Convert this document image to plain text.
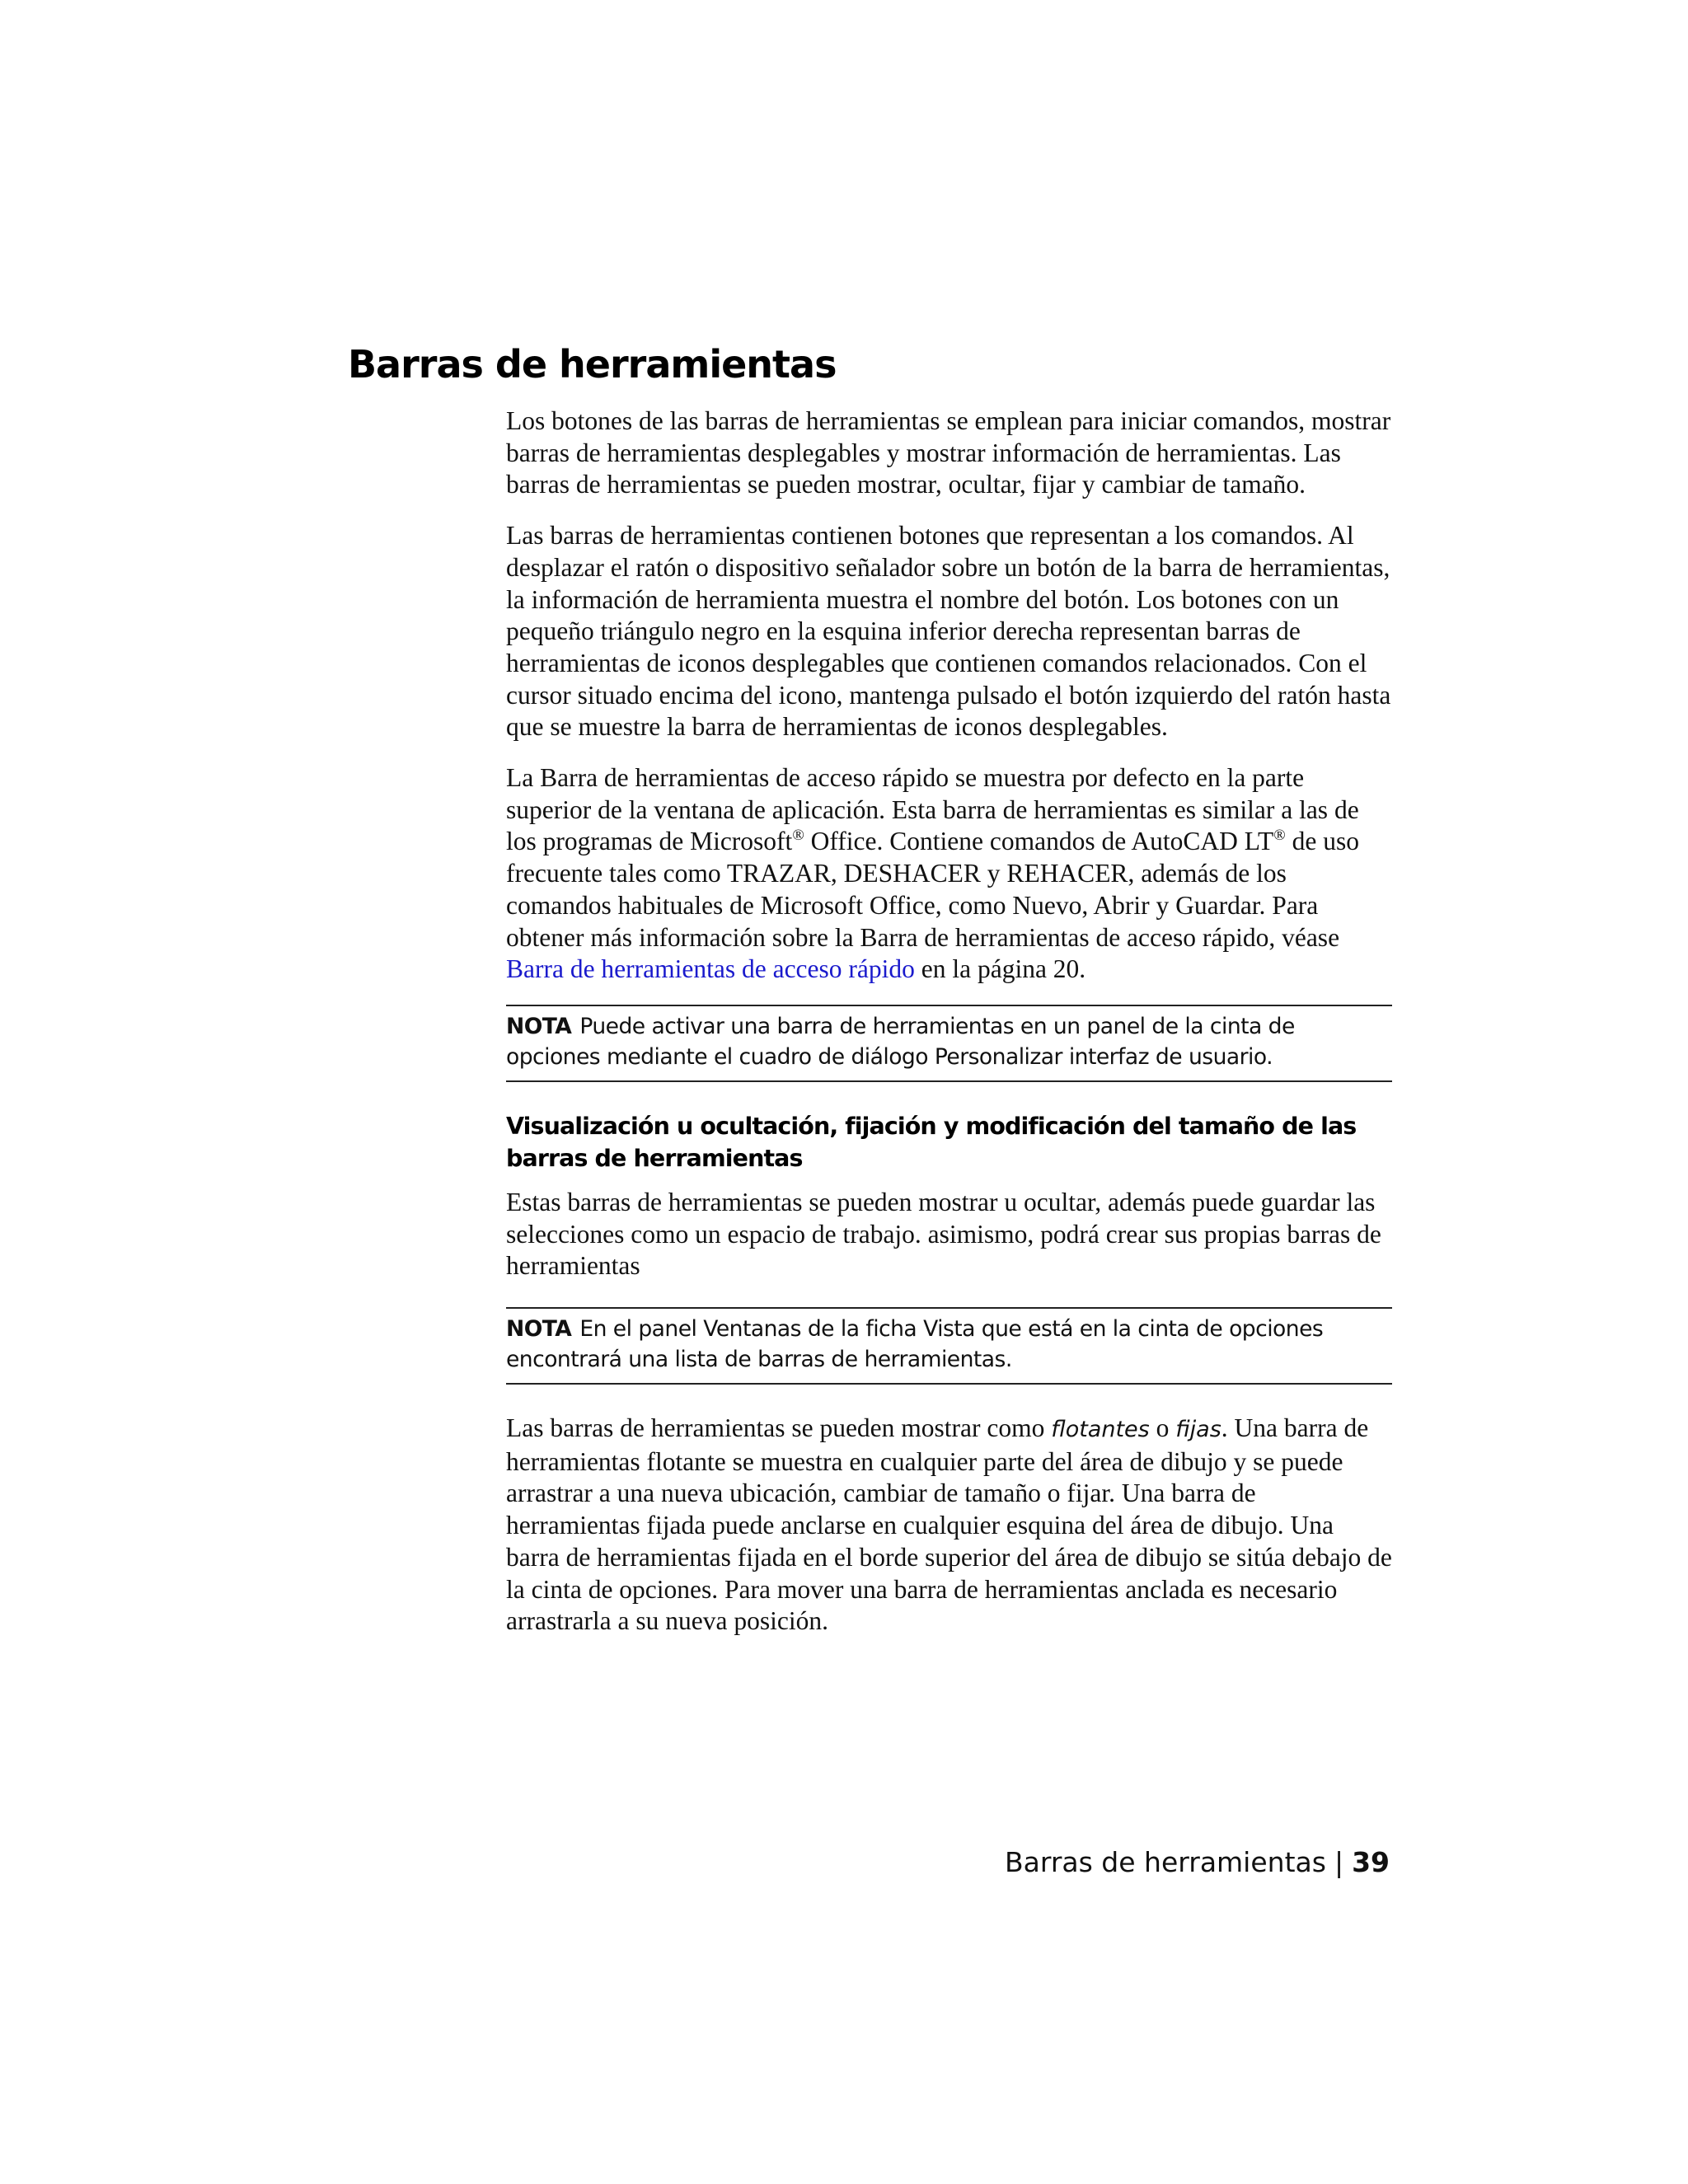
Barras de herramientas

Los botones de las barras de herramientas se emplean para iniciar comandos, mostrar barras de herramientas desplegables y mostrar información de herramientas. Las barras de herramientas se pueden mostrar, ocultar, fijar y cambiar de tamaño.

Las barras de herramientas contienen botones que representan a los comandos. Al desplazar el ratón o dispositivo señalador sobre un botón de la barra de herramientas, la información de herramienta muestra el nombre del botón. Los botones con un pequeño triángulo negro en la esquina inferior derecha representan barras de herramientas de iconos desplegables que contienen comandos relacionados. Con el cursor situado encima del icono, mantenga pulsado el botón izquierdo del ratón hasta que se muestre la barra de herramientas de iconos desplegables.

La Barra de herramientas de acceso rápido se muestra por defecto en la parte superior de la ventana de aplicación. Esta barra de herramientas es similar a las de los programas de Microsoft® Office. Contiene comandos de AutoCAD LT® de uso frecuente tales como TRAZAR, DESHACER y REHACER, además de los comandos habituales de Microsoft Office, como Nuevo, Abrir y Guardar. Para obtener más información sobre la Barra de herramientas de acceso rápido, véase Barra de herramientas de acceso rápido en la página 20.

NOTA Puede activar una barra de herramientas en un panel de la cinta de opciones mediante el cuadro de diálogo Personalizar interfaz de usuario.
Visualización u ocultación, fijación y modificación del tamaño de las barras de herramientas

Estas barras de herramientas se pueden mostrar u ocultar, además puede guardar las selecciones como un espacio de trabajo. asimismo, podrá crear sus propias barras de herramientas

NOTA En el panel Ventanas de la ficha Vista que está en la cinta de opciones encontrará una lista de barras de herramientas.

Las barras de herramientas se pueden mostrar como flotantes o fijas. Una barra de herramientas flotante se muestra en cualquier parte del área de dibujo y se puede arrastrar a una nueva ubicación, cambiar de tamaño o fijar. Una barra de herramientas fijada puede anclarse en cualquier esquina del área de dibujo. Una barra de herramientas fijada en el borde superior del área de dibujo se sitúa debajo de la cinta de opciones. Para mover una barra de herramientas anclada es necesario arrastrarla a su nueva posición.

Barras de herramientas | 39
